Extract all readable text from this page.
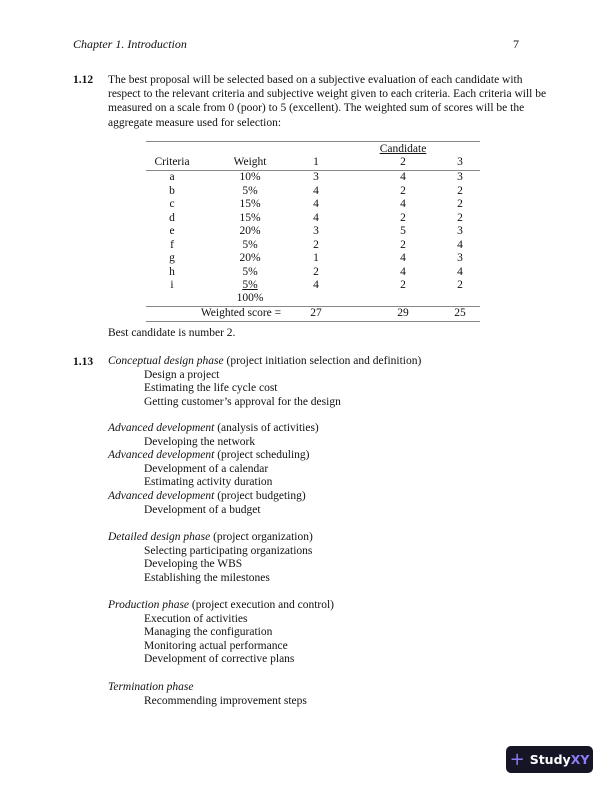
Chapter 1. Introduction	7
1.12 The best proposal will be selected based on a subjective evaluation of each candidate with respect to the relevant criteria and subjective weight given to each criteria. Each criteria will be measured on a scale from 0 (poor) to 5 (excellent). The weighted sum of scores will be the aggregate measure used for selection:
Candidate
Criteria	Weight	1	2	3
a	10%	3	4	3
b	5%	4	2	2
c	15%	4	4	2
d	15%	4	2	2
e	20%	3	5	3
f	5%	2	2	4
g	20%	1	4	3
h	5%	2	4	4
i	5%	4	2	2
100%
Weighted score =	27	29	25
Best candidate is number 2.
1.13 Conceptual design phase (project initiation selection and definition)
Design a project
Estimating the life cycle cost
Getting customer’s approval for the design
Advanced development (analysis of activities)
Developing the network
Advanced development (project scheduling)
Development of a calendar
Estimating activity duration
Advanced development (project budgeting)
Development of a budget
Detailed design phase (project organization)
Selecting participating organizations
Developing the WBS
Establishing the milestones
Production phase (project execution and control)
Execution of activities
Managing the configuration
Monitoring actual performance
Development of corrective plans
Termination phase
Recommending improvement steps
+ Study XY
